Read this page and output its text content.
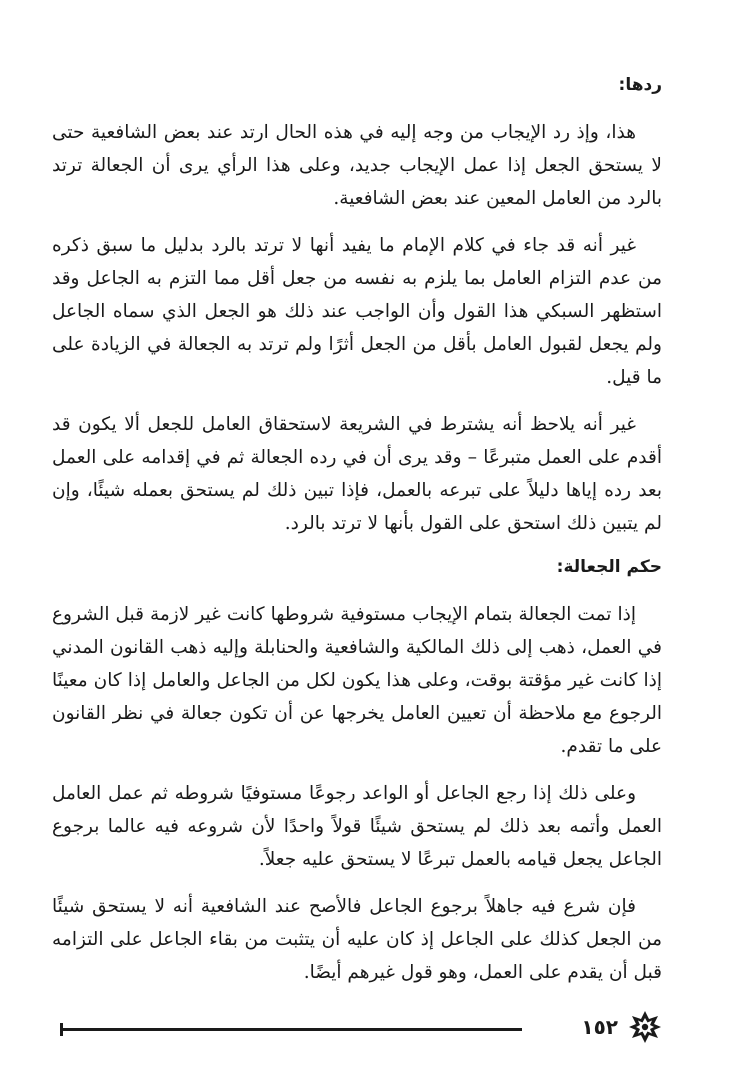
ردها:

هذا، وإذ رد الإيجاب من وجه إليه في هذه الحال ارتد عند بعض الشافعية حتى لا يستحق الجعل إذا عمل الإيجاب جديد، وعلى هذا الرأي يرى أن الجعالة ترتد بالرد من العامل المعين عند بعض الشافعية.

غير أنه قد جاء في كلام الإمام ما يفيد أنها لا ترتد بالرد بدليل ما سبق ذكره من عدم التزام العامل بما يلزم به نفسه من جعل أقل مما التزم به الجاعل وقد استظهر السبكي هذا القول وأن الواجب عند ذلك هو الجعل الذي سماه الجاعل ولم يجعل لقبول العامل بأقل من الجعل أثرًا ولم ترتد به الجعالة في الزيادة على ما قيل.

غير أنه يلاحظ أنه يشترط في الشريعة لاستحقاق العامل للجعل ألا يكون قد أقدم على العمل متبرعًا – وقد يرى أن في رده الجعالة ثم في إقدامه على العمل بعد رده إياها دليلاً على تبرعه بالعمل، فإذا تبين ذلك لم يستحق بعمله شيئًا، وإن لم يتبين ذلك استحق على القول بأنها لا ترتد بالرد.

حكم الجعالة:

إذا تمت الجعالة بتمام الإيجاب مستوفية شروطها كانت غير لازمة قبل الشروع في العمل، ذهب إلى ذلك المالكية والشافعية والحنابلة وإليه ذهب القانون المدني إذا كانت غير مؤقتة بوقت، وعلى هذا يكون لكل من الجاعل والعامل إذا كان معينًا الرجوع مع ملاحظة أن تعيين العامل يخرجها عن أن تكون جعالة في نظر القانون على ما تقدم.

وعلى ذلك إذا رجع الجاعل أو الواعد رجوعًا مستوفيًا شروطه ثم عمل العامل العمل وأتمه بعد ذلك لم يستحق شيئًا قولاً واحدًا لأن شروعه فيه عالما برجوع الجاعل يجعل قيامه بالعمل تبرعًا لا يستحق عليه جعلاً.

فإن شرع فيه جاهلاً برجوع الجاعل فالأصح عند الشافعية أنه لا يستحق شيئًا من الجعل كذلك على الجاعل إذ كان عليه أن يتثبت من بقاء الجاعل على التزامه قبل أن يقدم على العمل، وهو قول غيرهم أيضًا.

١٥٢
